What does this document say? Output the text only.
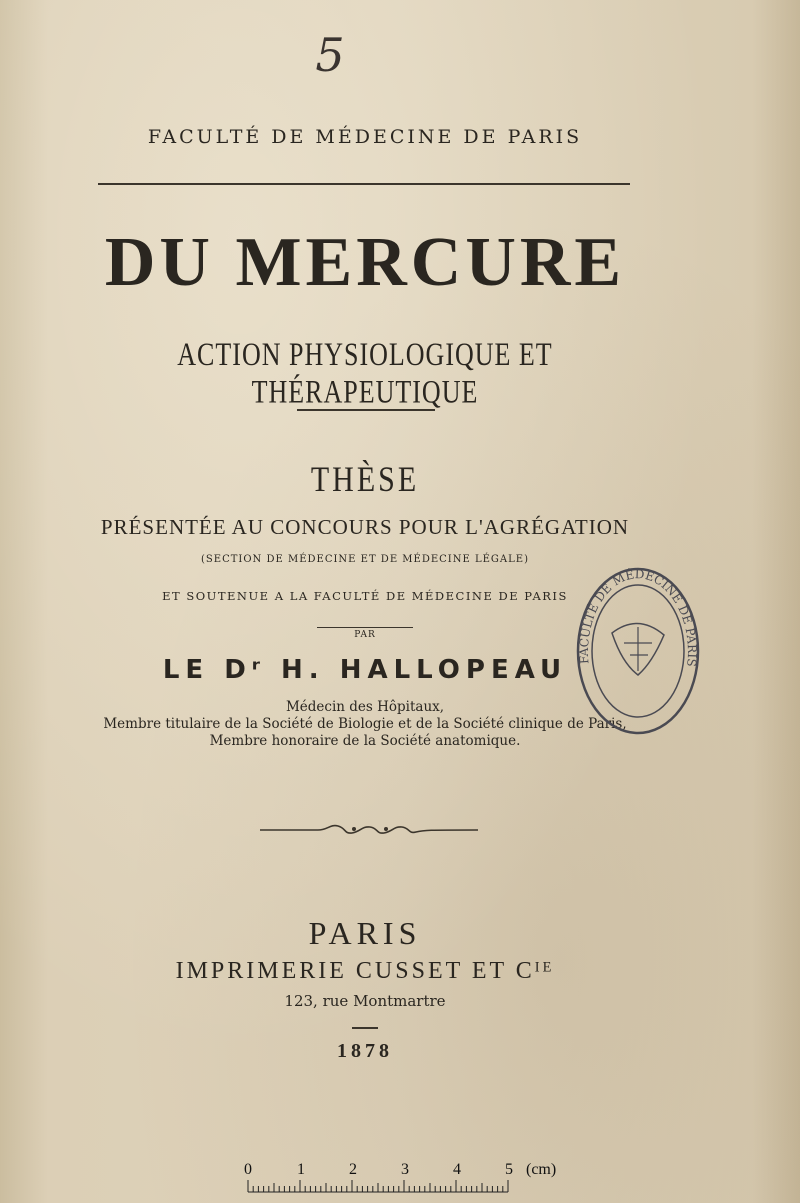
5
FACULTÉ DE MÉDECINE DE PARIS
DU MERCURE
ACTION PHYSIOLOGIQUE ET THÉRAPEUTIQUE
THÈSE
PRÉSENTÉE AU CONCOURS POUR L'AGRÉGATION
(SECTION DE MÉDECINE ET DE MÉDECINE LÉGALE)
ET SOUTENUE A LA FACULTÉ DE MÉDECINE DE PARIS
PAR
LE Dʳ H. HALLOPEAU
Médecin des Hôpitaux,
Membre titulaire de la Société de Biologie et de la Société clinique de Paris,
Membre honoraire de la Société anatomique.
FACULTÉ DE MÉDECINE DE PARIS
PARIS
IMPRIMERIE CUSSET ET Cᴵᴱ
123, rue Montmartre
1878
0	1	2	3	4	5 (cm)
